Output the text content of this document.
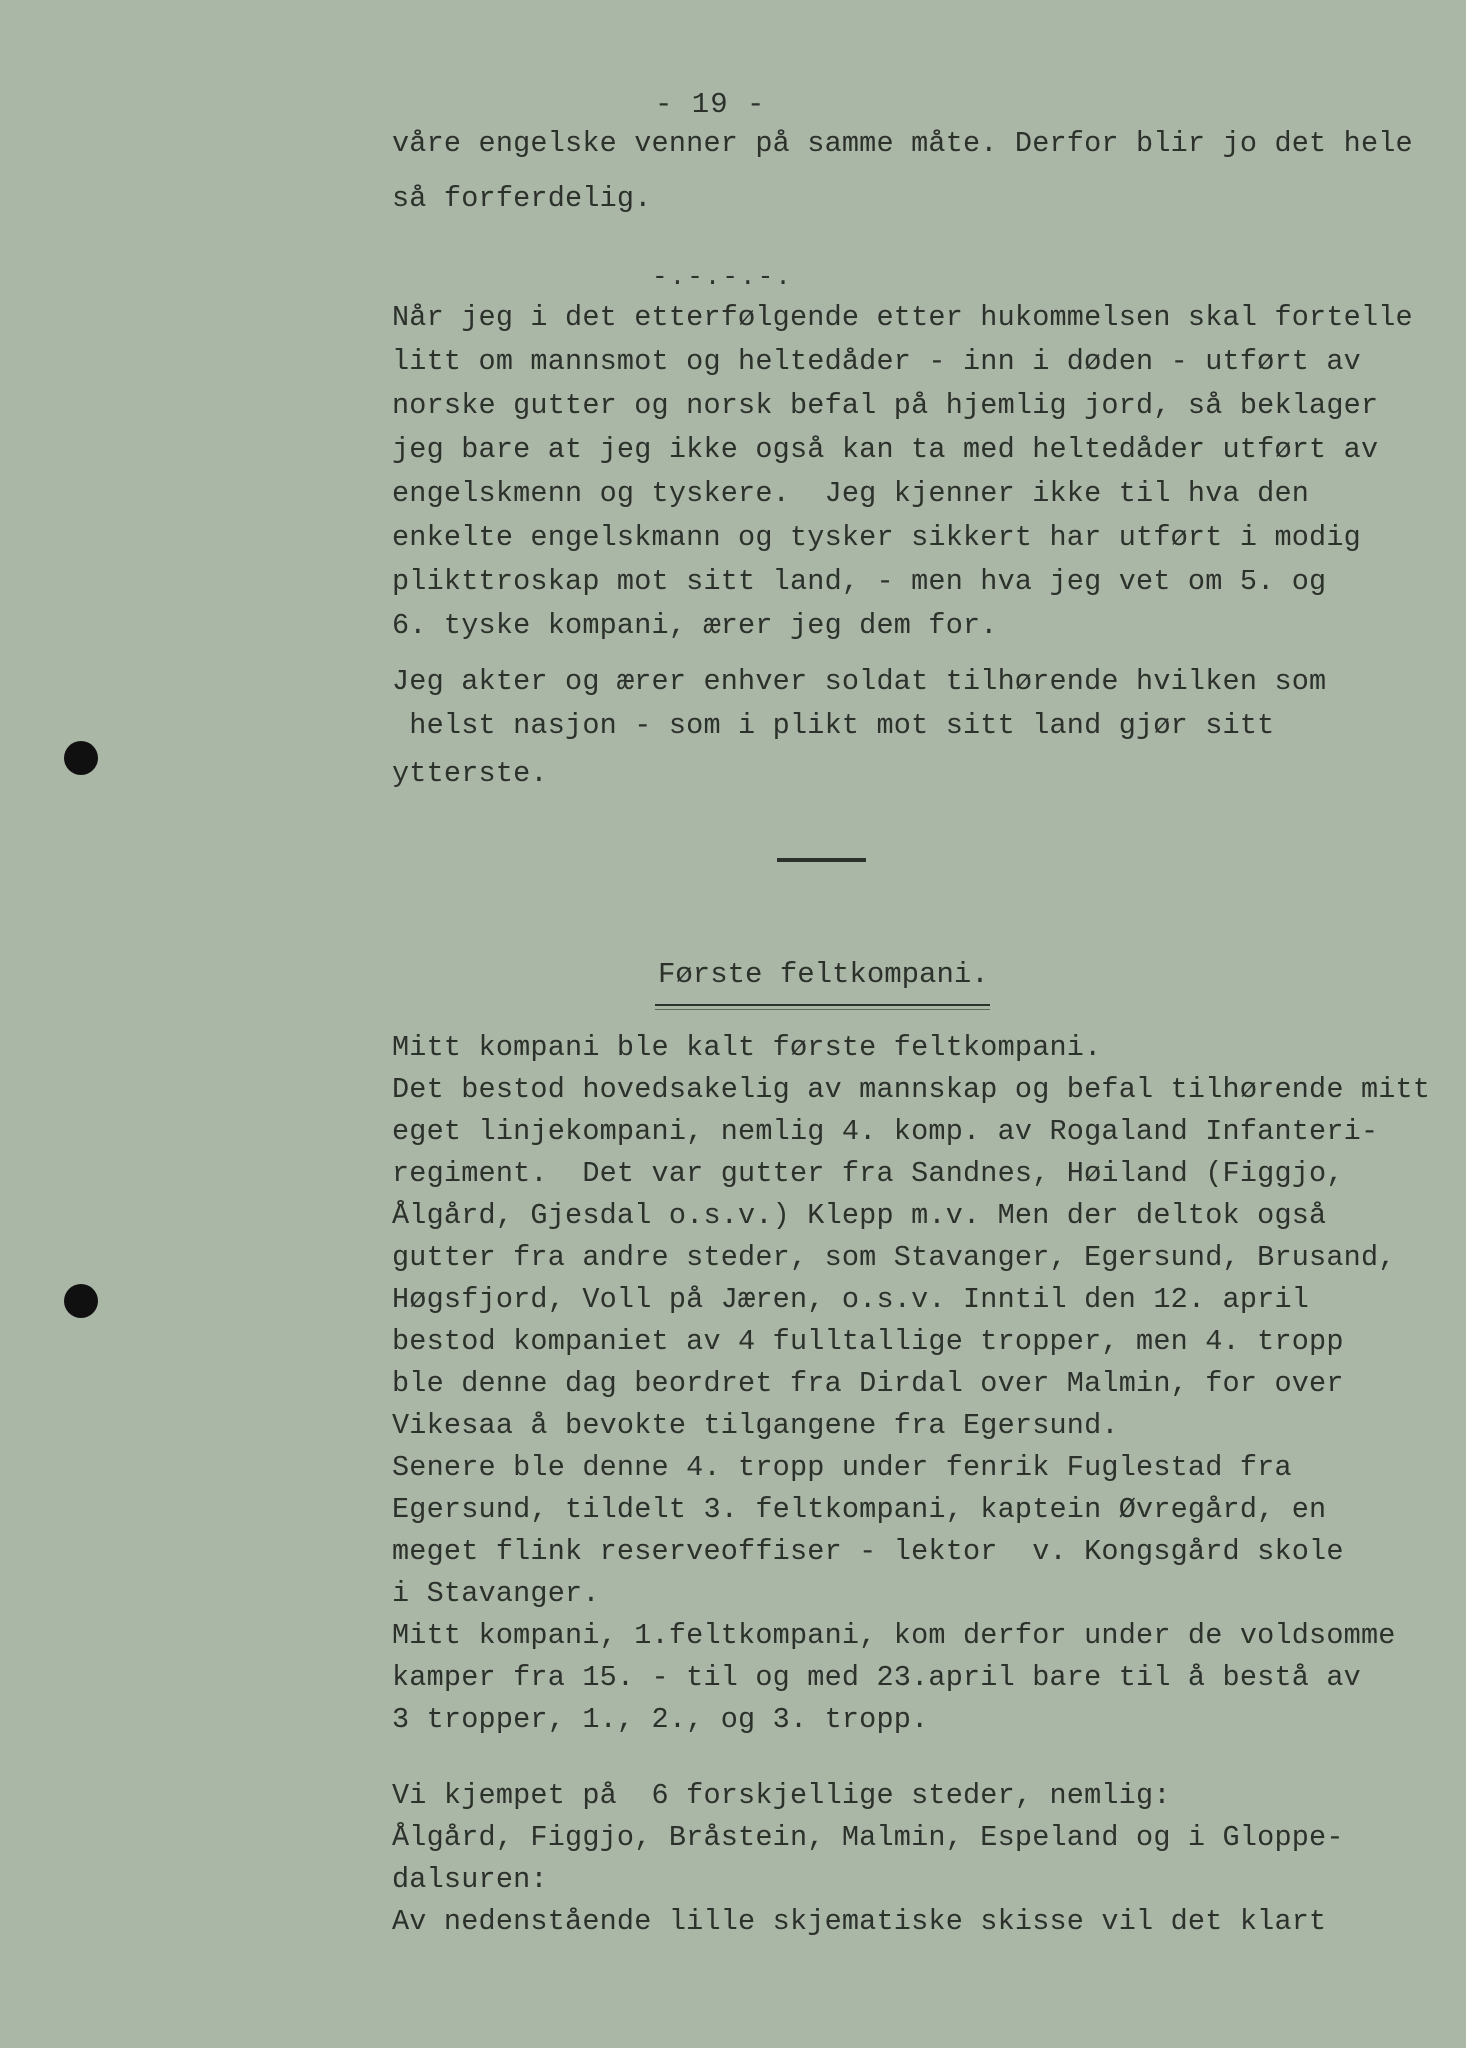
- 19 -
våre engelske venner på samme måte. Derfor blir jo det hele
så forferdelig.
-.-.-.-.
Når jeg i det etterfølgende etter hukommelsen skal fortelle
litt om mannsmot og heltedåder - inn i døden - utført av
norske gutter og norsk befal på hjemlig jord, så beklager
jeg bare at jeg ikke også kan ta med heltedåder utført av
engelskmenn og tyskere.  Jeg kjenner ikke til hva den
enkelte engelskmann og tysker sikkert har utført i modig
plikttroskap mot sitt land, - men hva jeg vet om 5. og
6. tyske kompani, ærer jeg dem for.
Jeg akter og ærer enhver soldat tilhørende hvilken som
helst nasjon - som i plikt mot sitt land gjør sitt
ytterste.
Første feltkompani.
Mitt kompani ble kalt første feltkompani.
Det bestod hovedsakelig av mannskap og befal tilhørende mitt
eget linjekompani, nemlig 4. komp. av Rogaland Infanteri-
regiment.  Det var gutter fra Sandnes, Høiland (Figgjo,
Ålgård, Gjesdal o.s.v.) Klepp m.v. Men der deltok også
gutter fra andre steder, som Stavanger, Egersund, Brusand,
Høgsfjord, Voll på Jæren, o.s.v. Inntil den 12. april
bestod kompaniet av 4 fulltallige tropper, men 4. tropp
ble denne dag beordret fra Dirdal over Malmin, for over
Vikesaa å bevokte tilgangene fra Egersund.
Senere ble denne 4. tropp under fenrik Fuglestad fra
Egersund, tildelt 3. feltkompani, kaptein Øvregård, en
meget flink reserveoffiser - lektor  v. Kongsgård skole
i Stavanger.
Mitt kompani, 1.feltkompani, kom derfor under de voldsomme
kamper fra 15. - til og med 23.april bare til å bestå av
3 tropper, 1., 2., og 3. tropp.
Vi kjempet på  6 forskjellige steder, nemlig:
Ålgård, Figgjo, Bråstein, Malmin, Espeland og i Gloppe-
dalsuren:
Av nedenstående lille skjematiske skisse vil det klart
